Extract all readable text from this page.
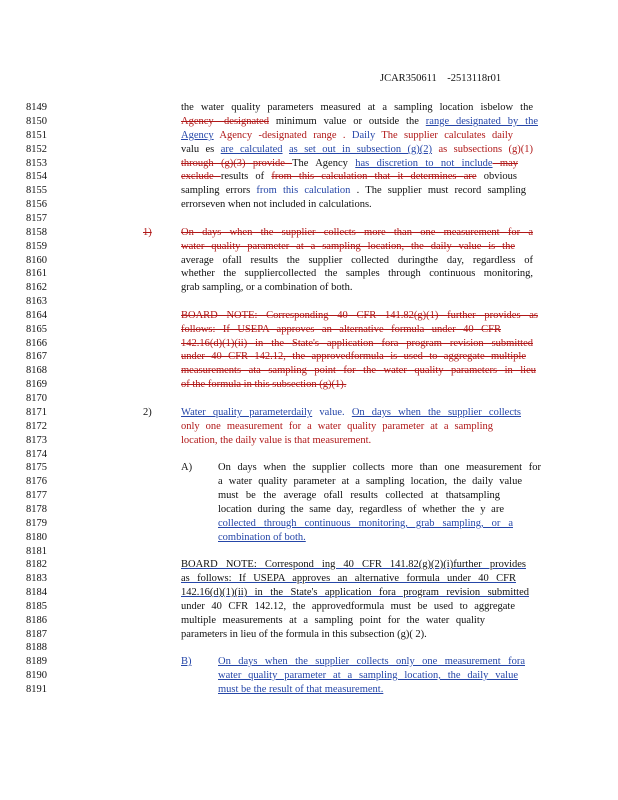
JCAR350611 -2513118r01
8149
8150
8151
8152
8153
8154
8155
8156
8157
8158
8159
8160
8161
8162
8163
8164
8165
8166
8167
8168
8169
8170
8171
8172
8173
8174
8175
8176
8177
8178
8179
8180
8181
8182
8183
8184
8185
8186
8187
8188
8189
8190
8191
the water quality parameters measured at a sampling location isbelow the
Agency -designated minimum value or outside the range designated by the
Agency Agency -designated range . Daily The supplier calculates daily
valu es are calculated as set out in subsection (g)(2) as subsections (g)(1)
through (g)(3) provide The Agency has discretion to not include may
exclude results of from this calculation that it determines are obvious
sampling errors from this calculation . The supplier must record sampling
errorseven when not included in calculations.
1)	On days when the supplier collects more than one measurement for a
water quality parameter at a sampling location, the daily value is the
average ofall results the supplier collected duringthe day, regardless of
whether the suppliercollected the samples through continuous monitoring,
grab sampling, or a combination of both.
BOARD NOTE: Corresponding 40 CFR 141.82(g)(1) further provides as
follows: If USEPA approves an alternative formula under 40 CFR
142.16(d)(1)(ii) in the State's application fora program revision submitted
under 40 CFR 142.12, the approvedformula is used to aggregate multiple
measurements ata sampling point for the water quality parameters in lieu
of the formula in this subsection (g)(1).
2)	Water quality parameterdaily value. On days when the supplier collects
only one measurement for a water quality parameter at a sampling
location, the daily value is that measurement.
A) On days when the supplier collects more than one measurement for
a water quality parameter at a sampling location, the daily value
must be the average ofall results collected at thatsampling
location during the same day, regardless of whether the y are
collected through continuous monitoring, grab sampling, or a
combination of both.
BOARD NOTE: Correspond ing 40 CFR 141.82(g)(2)(i)further provides
as follows: If USEPA approves an alternative formula under 40 CFR
142.16(d)(1)(ii) in the State's application fora program revision submitted
under 40 CFR 142.12, the approvedformula must be used to aggregate
multiple measurements at a sampling point for the water quality
parameters in lieu of the formula in this subsection (g)( 2).
B)	On days when the supplier collects only one measurement fora
water quality parameter at a sampling location, the daily value
must be the result of that measurement.
